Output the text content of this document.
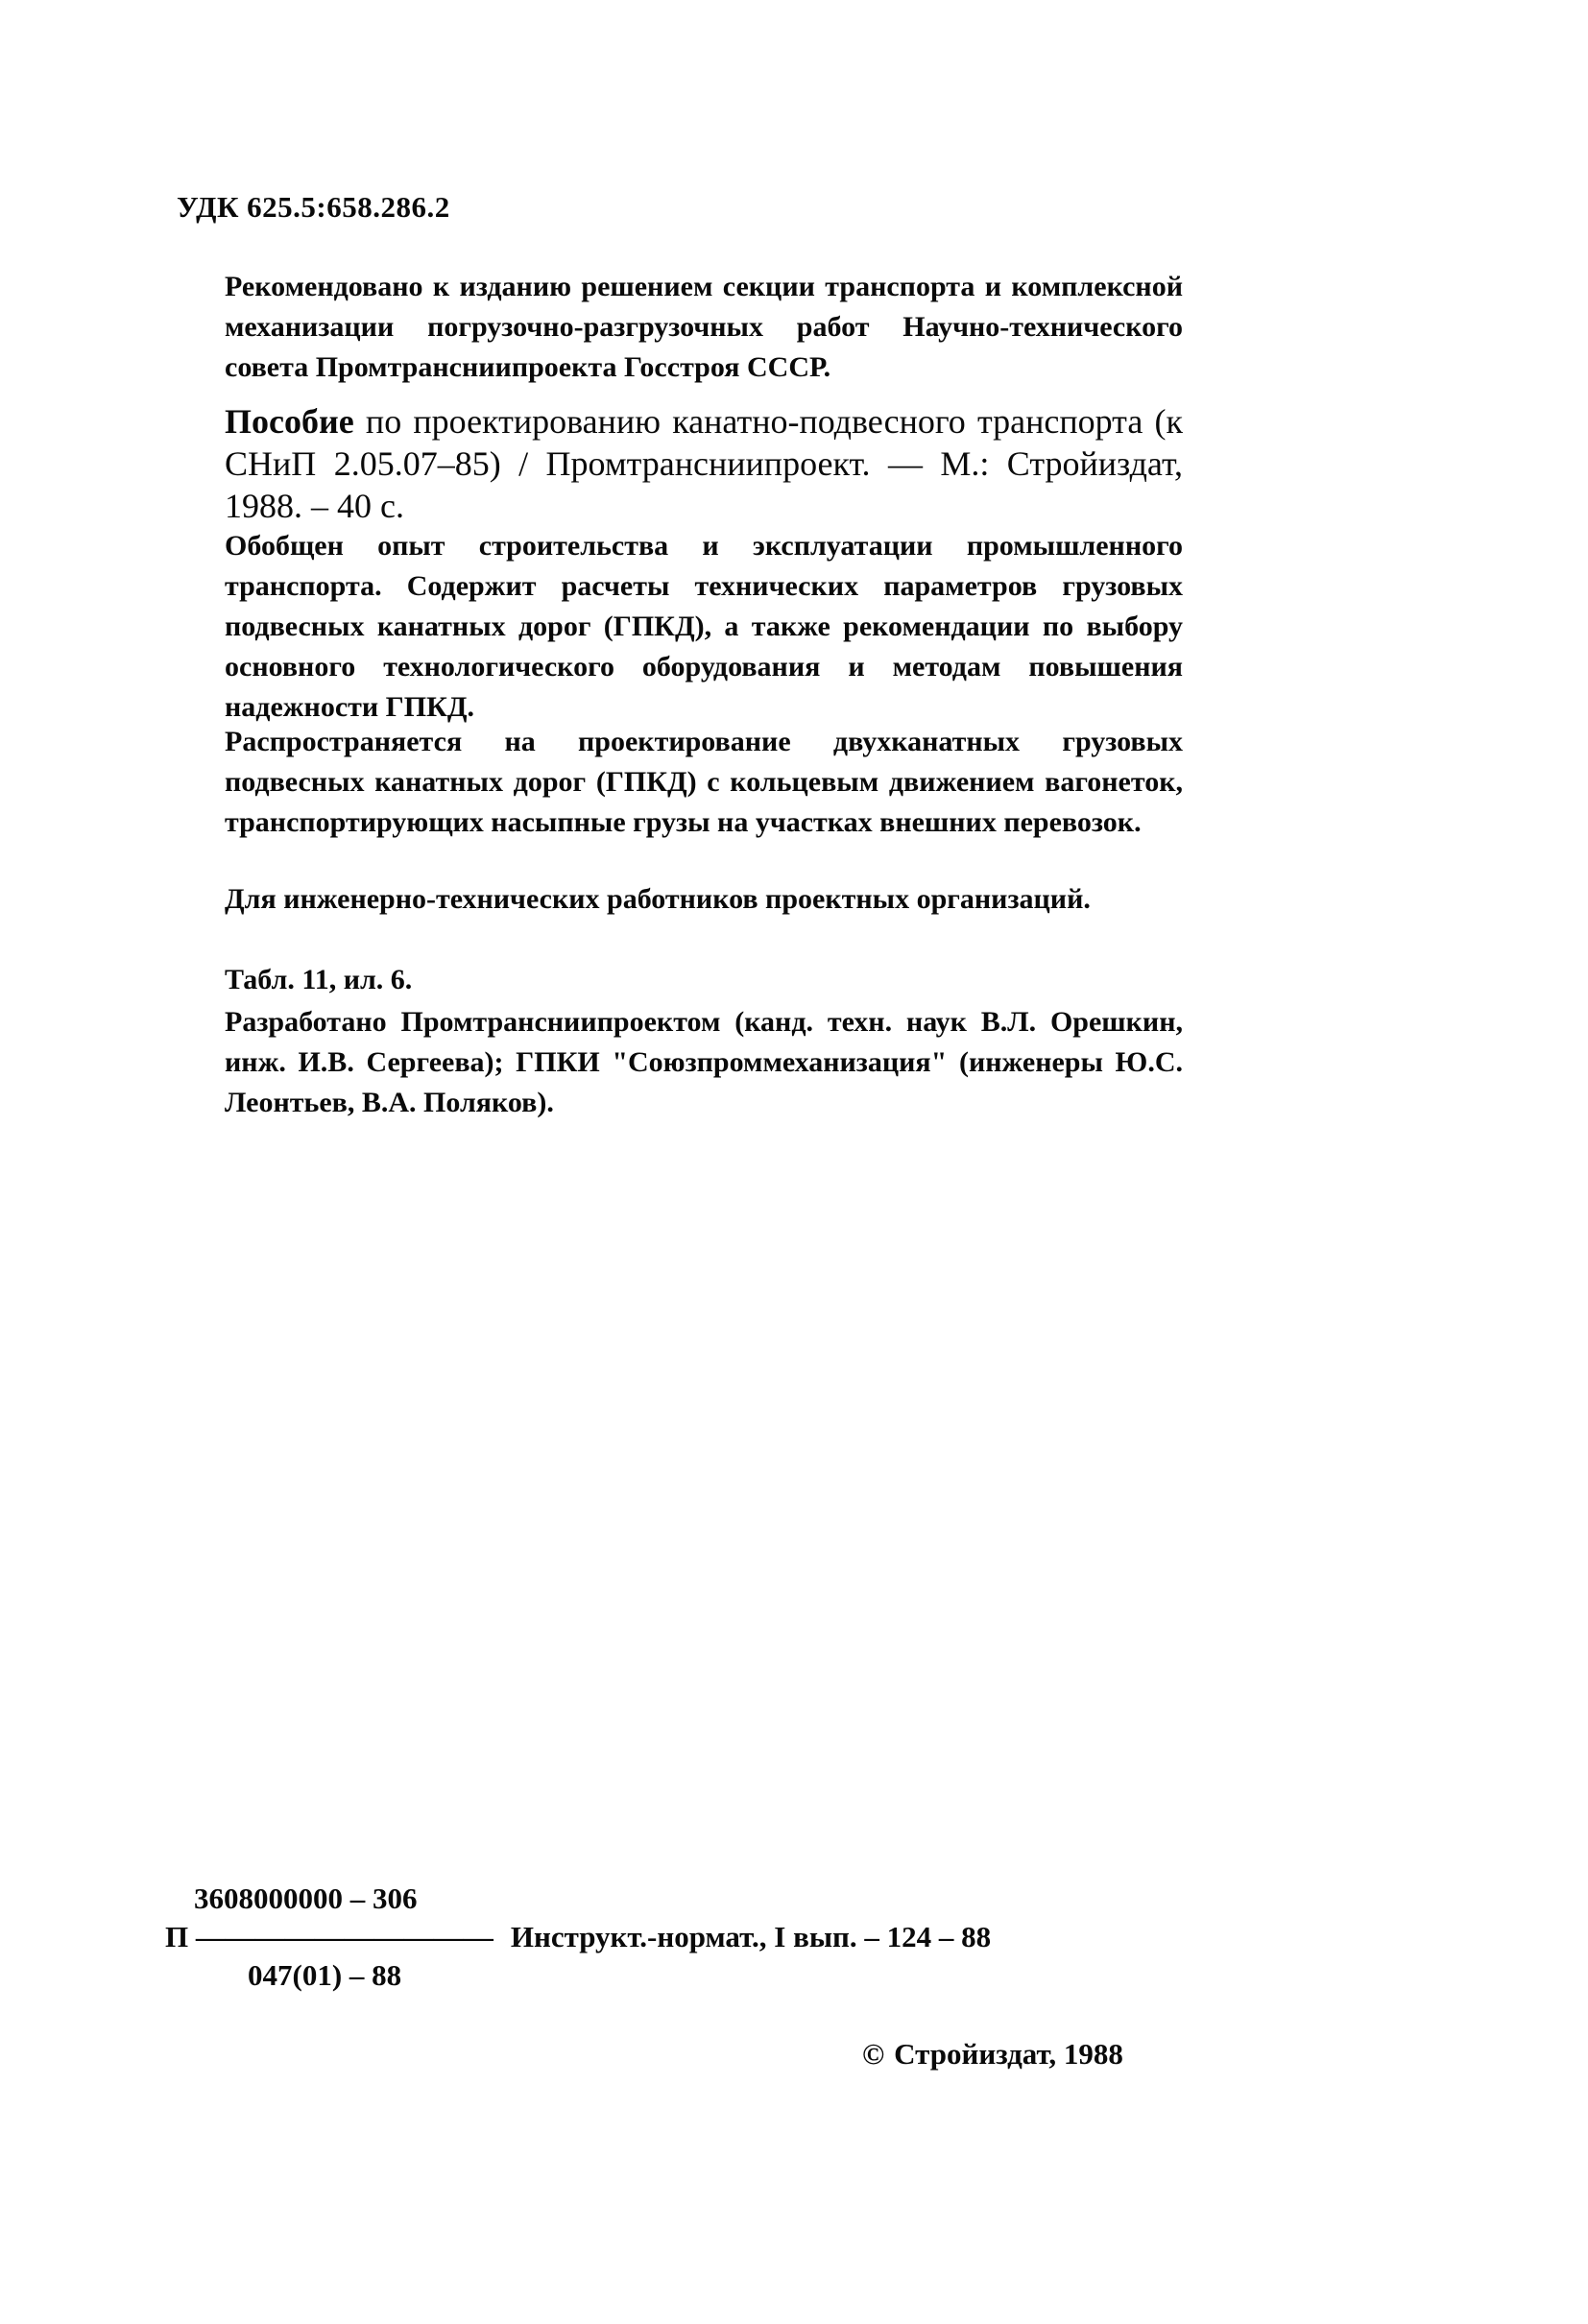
УДК 625.5:658.286.2

Рекомендовано к изданию решением секции транспорта и комплексной механизации погрузочно-разгрузочных работ Научно-технического совета Промтрансниипроекта Госстроя СССР.

Пособие по проектированию канатно-подвесного транспорта (к СНиП 2.05.07–85) / Промтрансниипроект. — М.: Стройиздат, 1988. – 40 с.

Обобщен опыт строительства и эксплуатации промышленного транспорта. Содержит расчеты технических параметров грузовых подвесных канатных дорог (ГПКД), а также рекомендации по выбору основного технологического оборудования и методам повышения надежности ГПКД.

Распространяется на проектирование двухканатных грузовых подвесных канатных дорог (ГПКД) с кольцевым движением вагонеток, транспортирующих насыпные грузы на участках внешних перевозок.

Для инженерно-технических работников проектных организаций.

Табл. 11, ил. 6.

Разработано Промтрансниипроектом (канд. техн. наук В.Л. Орешкин, инж. И.В. Сергеева); ГПКИ "Союзпроммеханизация" (инженеры Ю.С. Леонтьев, В.А. Поляков).

3608000000 – 306
П —————————— Инструкт.-нормат., I вып. – 124 – 88
047(01) – 88
© Стройиздат, 1988
